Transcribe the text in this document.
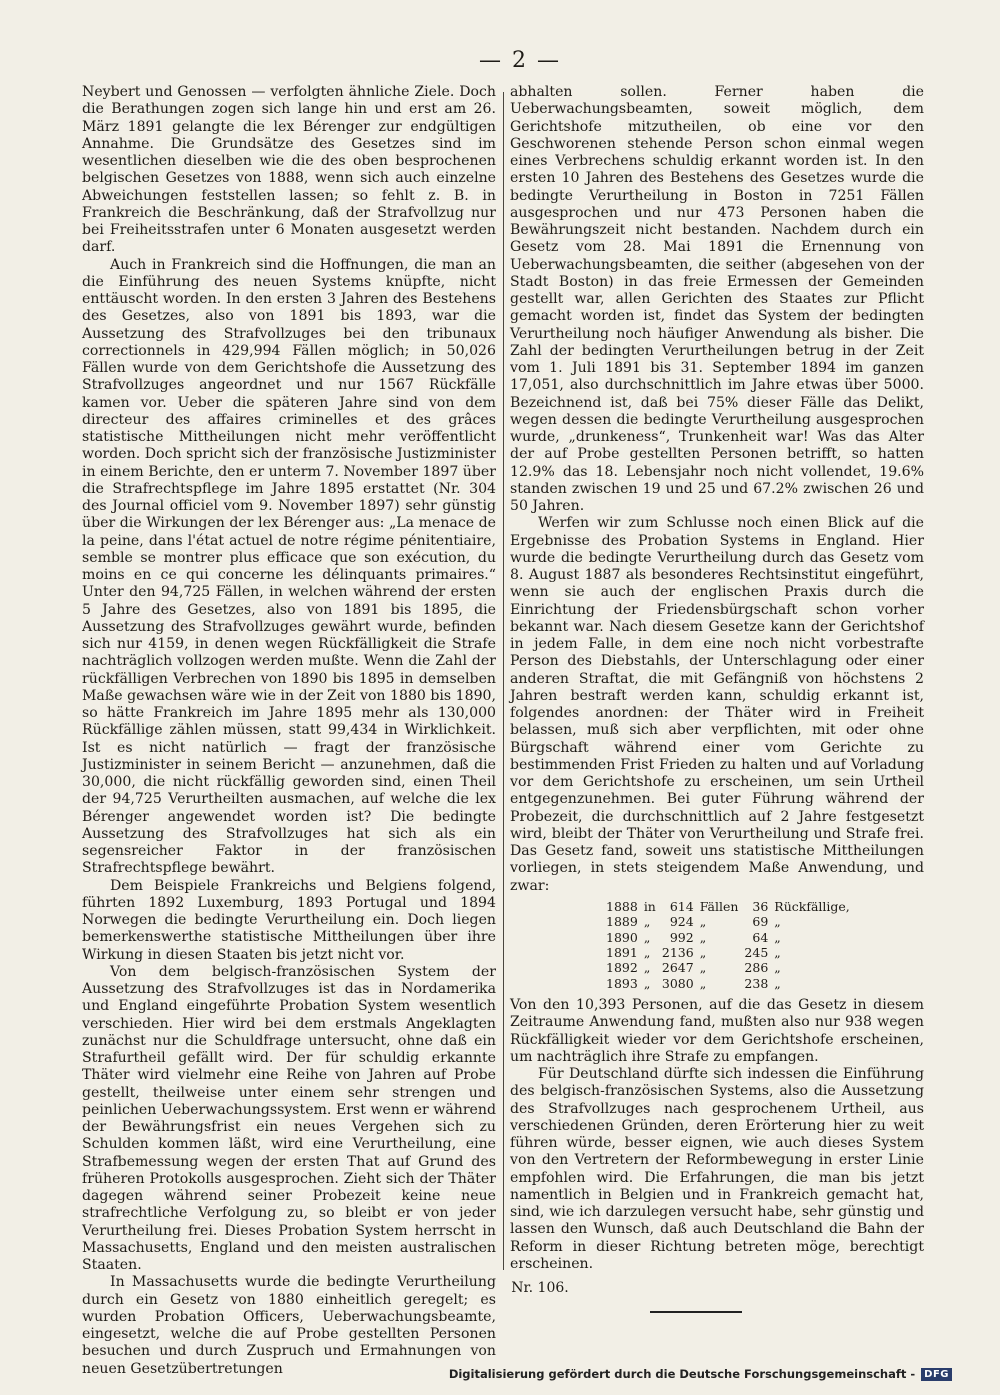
— 2 —

Neybert und Genossen — verfolgten ähnliche Ziele. Doch die Berathungen zogen sich lange hin und erst am 26. März 1891 gelangte die lex Bérenger zur endgültigen Annahme. Die Grundsätze des Gesetzes sind im wesentlichen dieselben wie die des oben besprochenen belgischen Gesetzes von 1888, wenn sich auch einzelne Abweichungen feststellen lassen; so fehlt z. B. in Frankreich die Beschränkung, daß der Strafvollzug nur bei Freiheitsstrafen unter 6 Monaten ausgesetzt werden darf.

Auch in Frankreich sind die Hoffnungen, die man an die Einführung des neuen Systems knüpfte, nicht enttäuscht worden. In den ersten 3 Jahren des Bestehens des Gesetzes, also von 1891 bis 1893, war die Aussetzung des Strafvollzuges bei den tribunaux correctionnels in 429,994 Fällen möglich; in 50,026 Fällen wurde von dem Gerichtshofe die Aussetzung des Strafvollzuges angeordnet und nur 1567 Rückfälle kamen vor. Ueber die späteren Jahre sind von dem directeur des affaires criminelles et des grâces statistische Mittheilungen nicht mehr veröffentlicht worden. Doch spricht sich der französische Justizminister in einem Berichte, den er unterm 7. November 1897 über die Strafrechtspflege im Jahre 1895 erstattet (Nr. 304 des Journal officiel vom 9. November 1897) sehr günstig über die Wirkungen der lex Bérenger aus: „La menace de la peine, dans l'état actuel de notre régime pénitentiaire, semble se montrer plus efficace que son exécution, du moins en ce qui concerne les délinquants primaires.“ Unter den 94,725 Fällen, in welchen während der ersten 5 Jahre des Gesetzes, also von 1891 bis 1895, die Aussetzung des Strafvollzuges gewährt wurde, befinden sich nur 4159, in denen wegen Rückfälligkeit die Strafe nachträglich vollzogen werden mußte. Wenn die Zahl der rückfälligen Verbrechen von 1890 bis 1895 in demselben Maße gewachsen wäre wie in der Zeit von 1880 bis 1890, so hätte Frankreich im Jahre 1895 mehr als 130,000 Rückfällige zählen müssen, statt 99,434 in Wirklichkeit. Ist es nicht natürlich — fragt der französische Justizminister in seinem Bericht — anzunehmen, daß die 30,000, die nicht rückfällig geworden sind, einen Theil der 94,725 Verurtheilten ausmachen, auf welche die lex Bérenger angewendet worden ist? Die bedingte Aussetzung des Strafvollzuges hat sich als ein segensreicher Faktor in der französischen Strafrechtspflege bewährt.

Dem Beispiele Frankreichs und Belgiens folgend, führten 1892 Luxemburg, 1893 Portugal und 1894 Norwegen die bedingte Verurtheilung ein. Doch liegen bemerkenswerthe statistische Mittheilungen über ihre Wirkung in diesen Staaten bis jetzt nicht vor.

Von dem belgisch-französischen System der Aussetzung des Strafvollzuges ist das in Nordamerika und England eingeführte Probation System wesentlich verschieden. Hier wird bei dem erstmals Angeklagten zunächst nur die Schuldfrage untersucht, ohne daß ein Strafurtheil gefällt wird. Der für schuldig erkannte Thäter wird vielmehr eine Reihe von Jahren auf Probe gestellt, theilweise unter einem sehr strengen und peinlichen Ueberwachungssystem. Erst wenn er während der Bewährungsfrist ein neues Vergehen sich zu Schulden kommen läßt, wird eine Verurtheilung, eine Strafbemessung wegen der ersten That auf Grund des früheren Protokolls ausgesprochen. Zieht sich der Thäter dagegen während seiner Probezeit keine neue strafrechtliche Verfolgung zu, so bleibt er von jeder Verurtheilung frei. Dieses Probation System herrscht in Massachusetts, England und den meisten australischen Staaten.

In Massachusetts wurde die bedingte Verurtheilung durch ein Gesetz von 1880 einheitlich geregelt; es wurden Probation Officers, Ueberwachungsbeamte, eingesetzt, welche die auf Probe gestellten Personen besuchen und durch Zuspruch und Ermahnungen von neuen Gesetzübertretungen

abhalten sollen. Ferner haben die Ueberwachungsbeamten, soweit möglich, dem Gerichtshofe mitzutheilen, ob eine vor den Geschworenen stehende Person schon einmal wegen eines Verbrechens schuldig erkannt worden ist. In den ersten 10 Jahren des Bestehens des Gesetzes wurde die bedingte Verurtheilung in Boston in 7251 Fällen ausgesprochen und nur 473 Personen haben die Bewährungszeit nicht bestanden. Nachdem durch ein Gesetz vom 28. Mai 1891 die Ernennung von Ueberwachungsbeamten, die seither (abgesehen von der Stadt Boston) in das freie Ermessen der Gemeinden gestellt war, allen Gerichten des Staates zur Pflicht gemacht worden ist, findet das System der bedingten Verurtheilung noch häufiger Anwendung als bisher. Die Zahl der bedingten Verurtheilungen betrug in der Zeit vom 1. Juli 1891 bis 31. September 1894 im ganzen 17,051, also durchschnittlich im Jahre etwas über 5000. Bezeichnend ist, daß bei 75% dieser Fälle das Delikt, wegen dessen die bedingte Verurtheilung ausgesprochen wurde, „drunkeness“, Trunkenheit war! Was das Alter der auf Probe gestellten Personen betrifft, so hatten 12.9% das 18. Lebensjahr noch nicht vollendet, 19.6% standen zwischen 19 und 25 und 67.2% zwischen 26 und 50 Jahren.

Werfen wir zum Schlusse noch einen Blick auf die Ergebnisse des Probation Systems in England. Hier wurde die bedingte Verurtheilung durch das Gesetz vom 8. August 1887 als besonderes Rechtsinstitut eingeführt, wenn sie auch der englischen Praxis durch die Einrichtung der Friedensbürgschaft schon vorher bekannt war. Nach diesem Gesetze kann der Gerichtshof in jedem Falle, in dem eine noch nicht vorbestrafte Person des Diebstahls, der Unterschlagung oder einer anderen Straftat, die mit Gefängniß von höchstens 2 Jahren bestraft werden kann, schuldig erkannt ist, folgendes anordnen: der Thäter wird in Freiheit belassen, muß sich aber verpflichten, mit oder ohne Bürgschaft während einer vom Gerichte zu bestimmenden Frist Frieden zu halten und auf Vorladung vor dem Gerichtshofe zu erscheinen, um sein Urtheil entgegenzunehmen. Bei guter Führung während der Probezeit, die durchschnittlich auf 2 Jahre festgesetzt wird, bleibt der Thäter von Verurtheilung und Strafe frei. Das Gesetz fand, soweit uns statistische Mittheilungen vorliegen, in stets steigendem Maße Anwendung, und zwar:

1888	in	614	Fällen	36	Rückfällige,
1889	„	924	„	69	„
1890	„	992	„	64	„
1891	„	2136	„	245	„
1892	„	2647	„	286	„
1893	„	3080	„	238	„

Von den 10,393 Personen, auf die das Gesetz in diesem Zeitraume Anwendung fand, mußten also nur 938 wegen Rückfälligkeit wieder vor dem Gerichtshofe erscheinen, um nachträglich ihre Strafe zu empfangen.

Für Deutschland dürfte sich indessen die Einführung des belgisch-französischen Systems, also die Aussetzung des Strafvollzuges nach gesprochenem Urtheil, aus verschiedenen Gründen, deren Erörterung hier zu weit führen würde, besser eignen, wie auch dieses System von den Vertretern der Reformbewegung in erster Linie empfohlen wird. Die Erfahrungen, die man bis jetzt namentlich in Belgien und in Frankreich gemacht hat, sind, wie ich darzulegen versucht habe, sehr günstig und lassen den Wunsch, daß auch Deutschland die Bahn der Reform in dieser Richtung betreten möge, berechtigt erscheinen.

Nr. 106.
Digitalisierung gefördert durch die Deutsche Forschungsgemeinschaft - DFG
